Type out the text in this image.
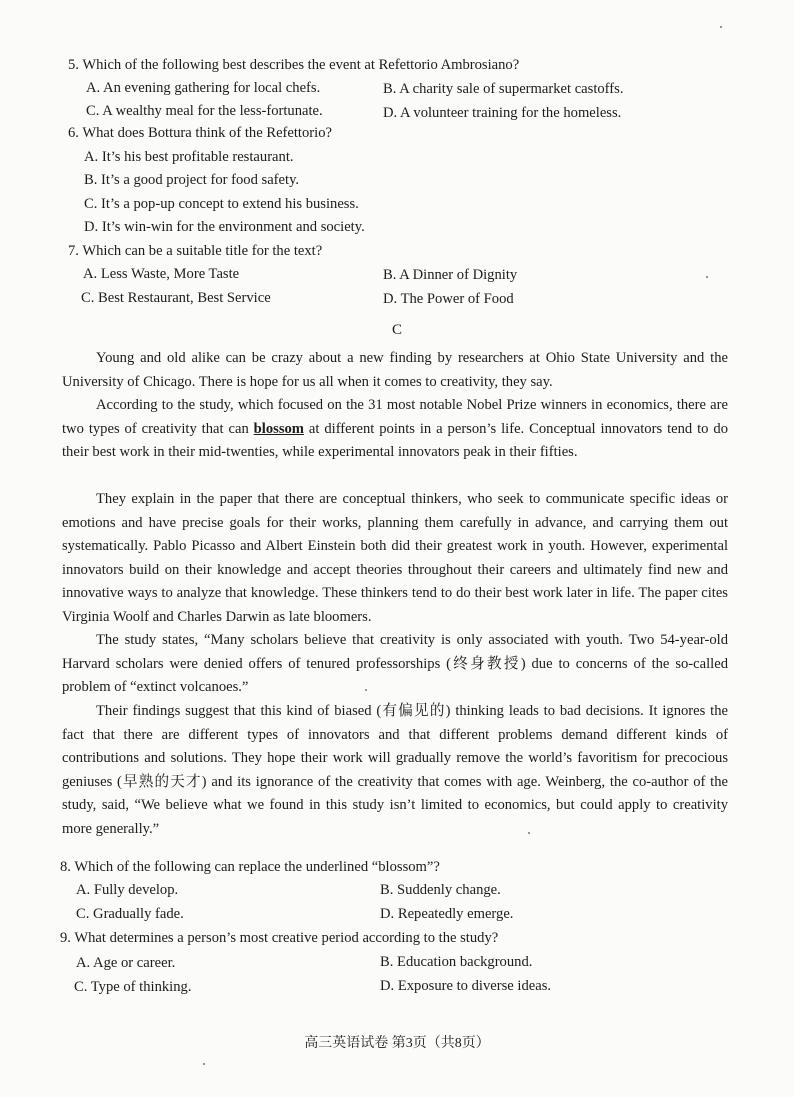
5. Which of the following best describes the event at Refettorio Ambrosiano?
A. An evening gathering for local chefs.	B. A charity sale of supermarket castoffs.
C. A wealthy meal for the less-fortunate.	D. A volunteer training for the homeless.
6. What does Bottura think of the Refettorio?
A. It’s his best profitable restaurant.
B. It’s a good project for food safety.
C. It’s a pop-up concept to extend his business.
D. It’s win-win for the environment and society.
7. Which can be a suitable title for the text?
A. Less Waste, More Taste	B. A Dinner of Dignity
C. Best Restaurant, Best Service	D. The Power of Food
C

Young and old alike can be crazy about a new finding by researchers at Ohio State University and the University of Chicago. There is hope for us all when it comes to creativity, they say.

According to the study, which focused on the 31 most notable Nobel Prize winners in economics, there are two types of creativity that can blossom at different points in a person’s life. Conceptual innovators tend to do their best work in their mid-twenties, while experimental innovators peak in their fifties.

They explain in the paper that there are conceptual thinkers, who seek to communicate specific ideas or emotions and have precise goals for their works, planning them carefully in advance, and carrying them out systematically. Pablo Picasso and Albert Einstein both did their greatest work in youth. However, experimental innovators build on their knowledge and accept theories throughout their careers and ultimately find new and innovative ways to analyze that knowledge. These thinkers tend to do their best work later in life. The paper cites Virginia Woolf and Charles Darwin as late bloomers.

The study states, “Many scholars believe that creativity is only associated with youth. Two 54-year-old Harvard scholars were denied offers of tenured professorships (终身教授) due to concerns of the so-called problem of “extinct volcanoes.”

Their findings suggest that this kind of biased (有偏见的) thinking leads to bad decisions. It ignores the fact that there are different types of innovators and that different problems demand different kinds of contributions and solutions. They hope their work will gradually remove the world’s favoritism for precocious geniuses (早熟的天才) and its ignorance of the creativity that comes with age. Weinberg, the co-author of the study, said, “We believe what we found in this study isn’t limited to economics, but could apply to creativity more generally.”

8. Which of the following can replace the underlined “blossom”?
A. Fully develop.	B. Suddenly change.
C. Gradually fade.	D. Repeatedly emerge.
9. What determines a person’s most creative period according to the study?
A. Age or career.	B. Education background.
C. Type of thinking.	D. Exposure to diverse ideas.
高三英语试卷 第3页（共8页）
